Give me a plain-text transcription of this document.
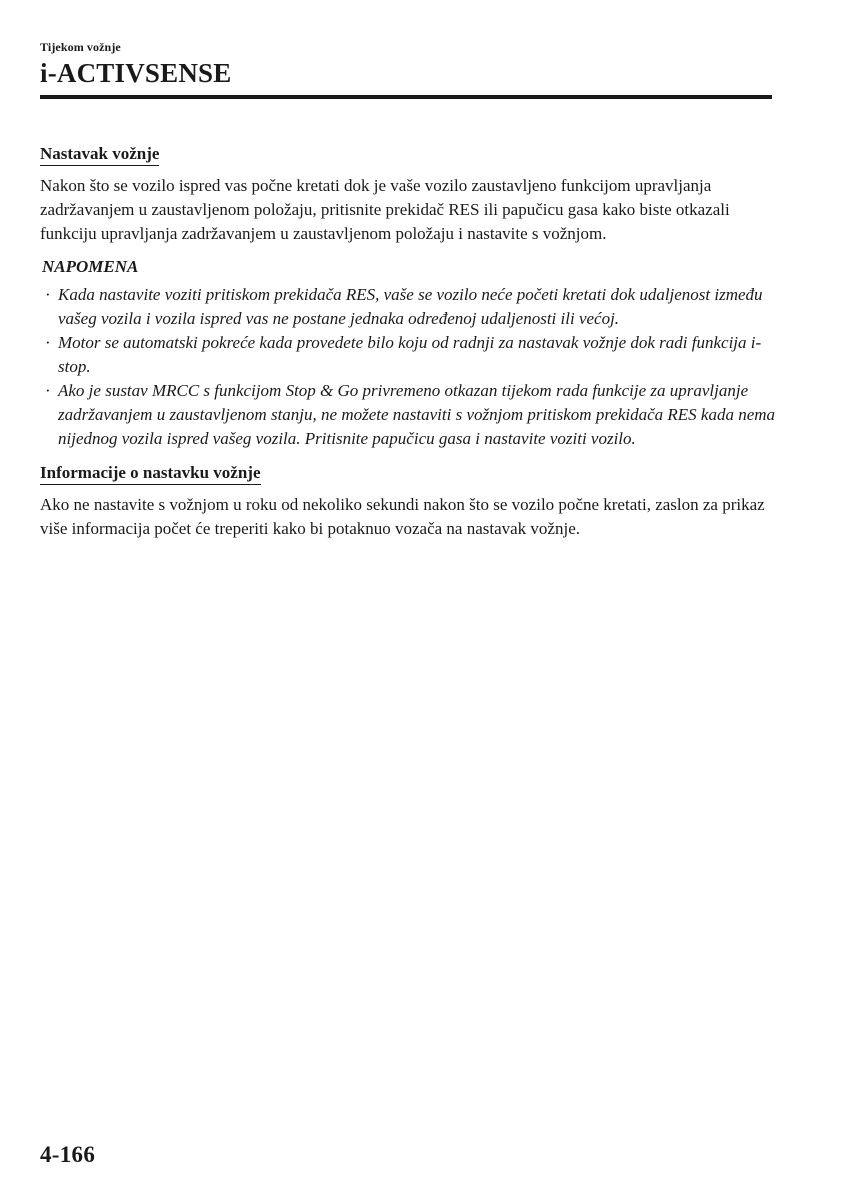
Tijekom vožnje
i-ACTIVSENSE
Nastavak vožnje

Nakon što se vozilo ispred vas počne kretati dok je vaše vozilo zaustavljeno funkcijom upravljanja zadržavanjem u zaustavljenom položaju, pritisnite prekidač RES ili papučicu gasa kako biste otkazali funkciju upravljanja zadržavanjem u zaustavljenom položaju i nastavite s vožnjom.

NAPOMENA
· Kada nastavite voziti pritiskom prekidača RES, vaše se vozilo neće početi kretati dok udaljenost između vašeg vozila i vozila ispred vas ne postane jednaka određenoj udaljenosti ili većoj.
· Motor se automatski pokreće kada provedete bilo koju od radnji za nastavak vožnje dok radi funkcija i-stop.
· Ako je sustav MRCC s funkcijom Stop & Go privremeno otkazan tijekom rada funkcije za upravljanje zadržavanjem u zaustavljenom stanju, ne možete nastaviti s vožnjom pritiskom prekidača RES kada nema nijednog vozila ispred vašeg vozila. Pritisnite papučicu gasa i nastavite voziti vozilo.
Informacije o nastavku vožnje

Ako ne nastavite s vožnjom u roku od nekoliko sekundi nakon što se vozilo počne kretati, zaslon za prikaz više informacija počet će treperiti kako bi potaknuo vozača na nastavak vožnje.

4-166
